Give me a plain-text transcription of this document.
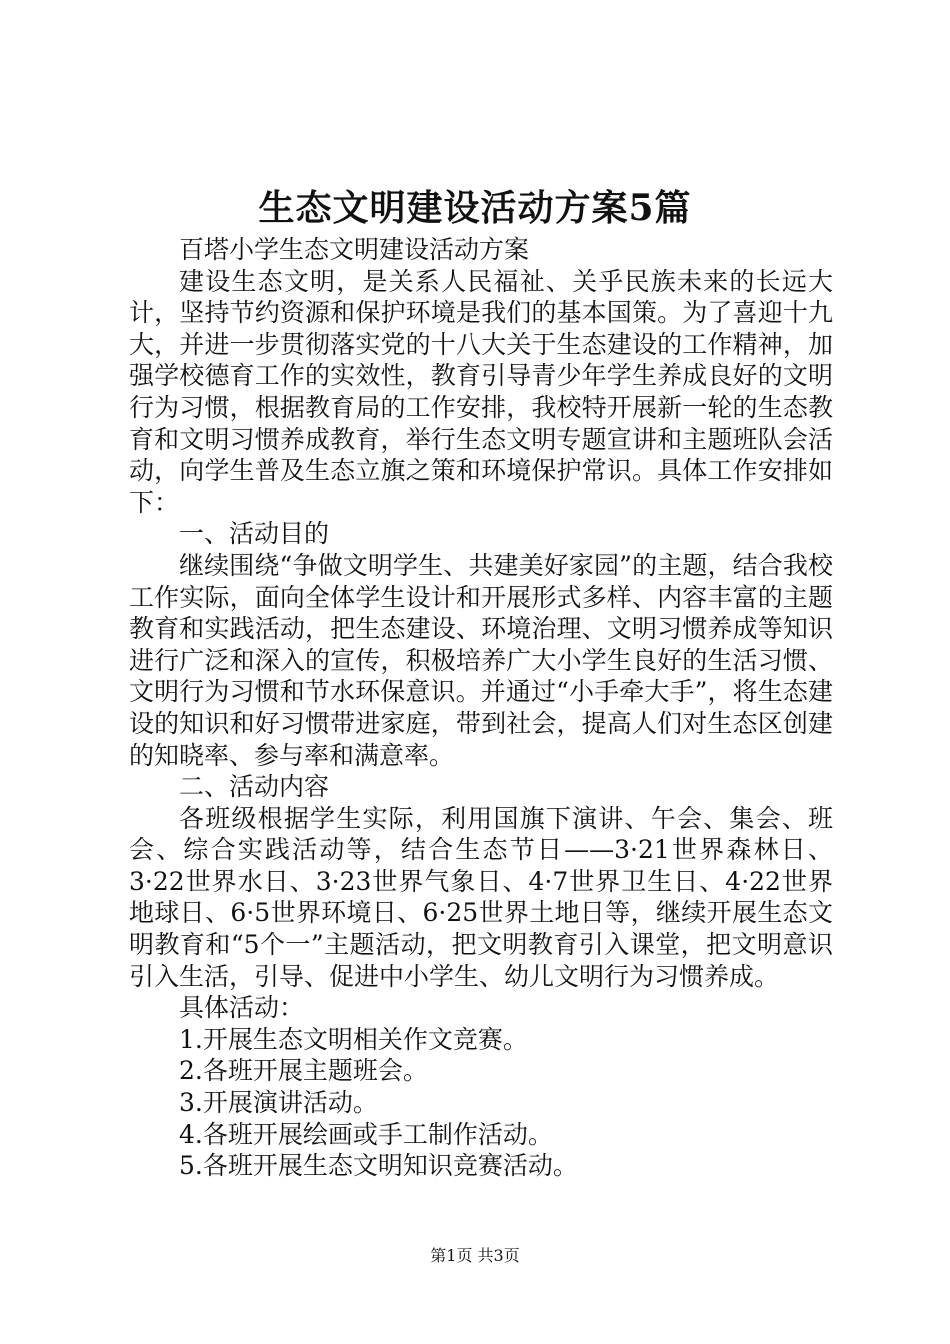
生态文明建设活动方案5篇

百塔小学生态文明建设活动方案

建设生态文明，是关系人民福祉、关乎民族未来的长远大计，坚持节约资源和保护环境是我们的基本国策。为了喜迎十九大，并进一步贯彻落实党的十八大关于生态建设的工作精神，加强学校德育工作的实效性，教育引导青少年学生养成良好的文明行为习惯，根据教育局的工作安排，我校特开展新一轮的生态教育和文明习惯养成教育，举行生态文明专题宣讲和主题班队会活动，向学生普及生态立旗之策和环境保护常识。具体工作安排如下：

一、活动目的

继续围绕“争做文明学生、共建美好家园”的主题，结合我校工作实际，面向全体学生设计和开展形式多样、内容丰富的主题教育和实践活动，把生态建设、环境治理、文明习惯养成等知识进行广泛和深入的宣传，积极培养广大小学生良好的生活习惯、文明行为习惯和节水环保意识。并通过“小手牵大手”，将生态建设的知识和好习惯带进家庭，带到社会，提高人们对生态区创建的知晓率、参与率和满意率。

二、活动内容

各班级根据学生实际，利用国旗下演讲、午会、集会、班会、综合实践活动等，结合生态节日——3·21世界森林日、3·22世界水日、3·23世界气象日、4·7世界卫生日、4·22世界地球日、6·5世界环境日、6·25世界土地日等，继续开展生态文明教育和“5个一”主题活动，把文明教育引入课堂，把文明意识引入生活，引导、促进中小学生、幼儿文明行为习惯养成。

具体活动：

1.开展生态文明相关作文竞赛。

2.各班开展主题班会。

3.开展演讲活动。

4.各班开展绘画或手工制作活动。

5.各班开展生态文明知识竞赛活动。

第1页 共3页
